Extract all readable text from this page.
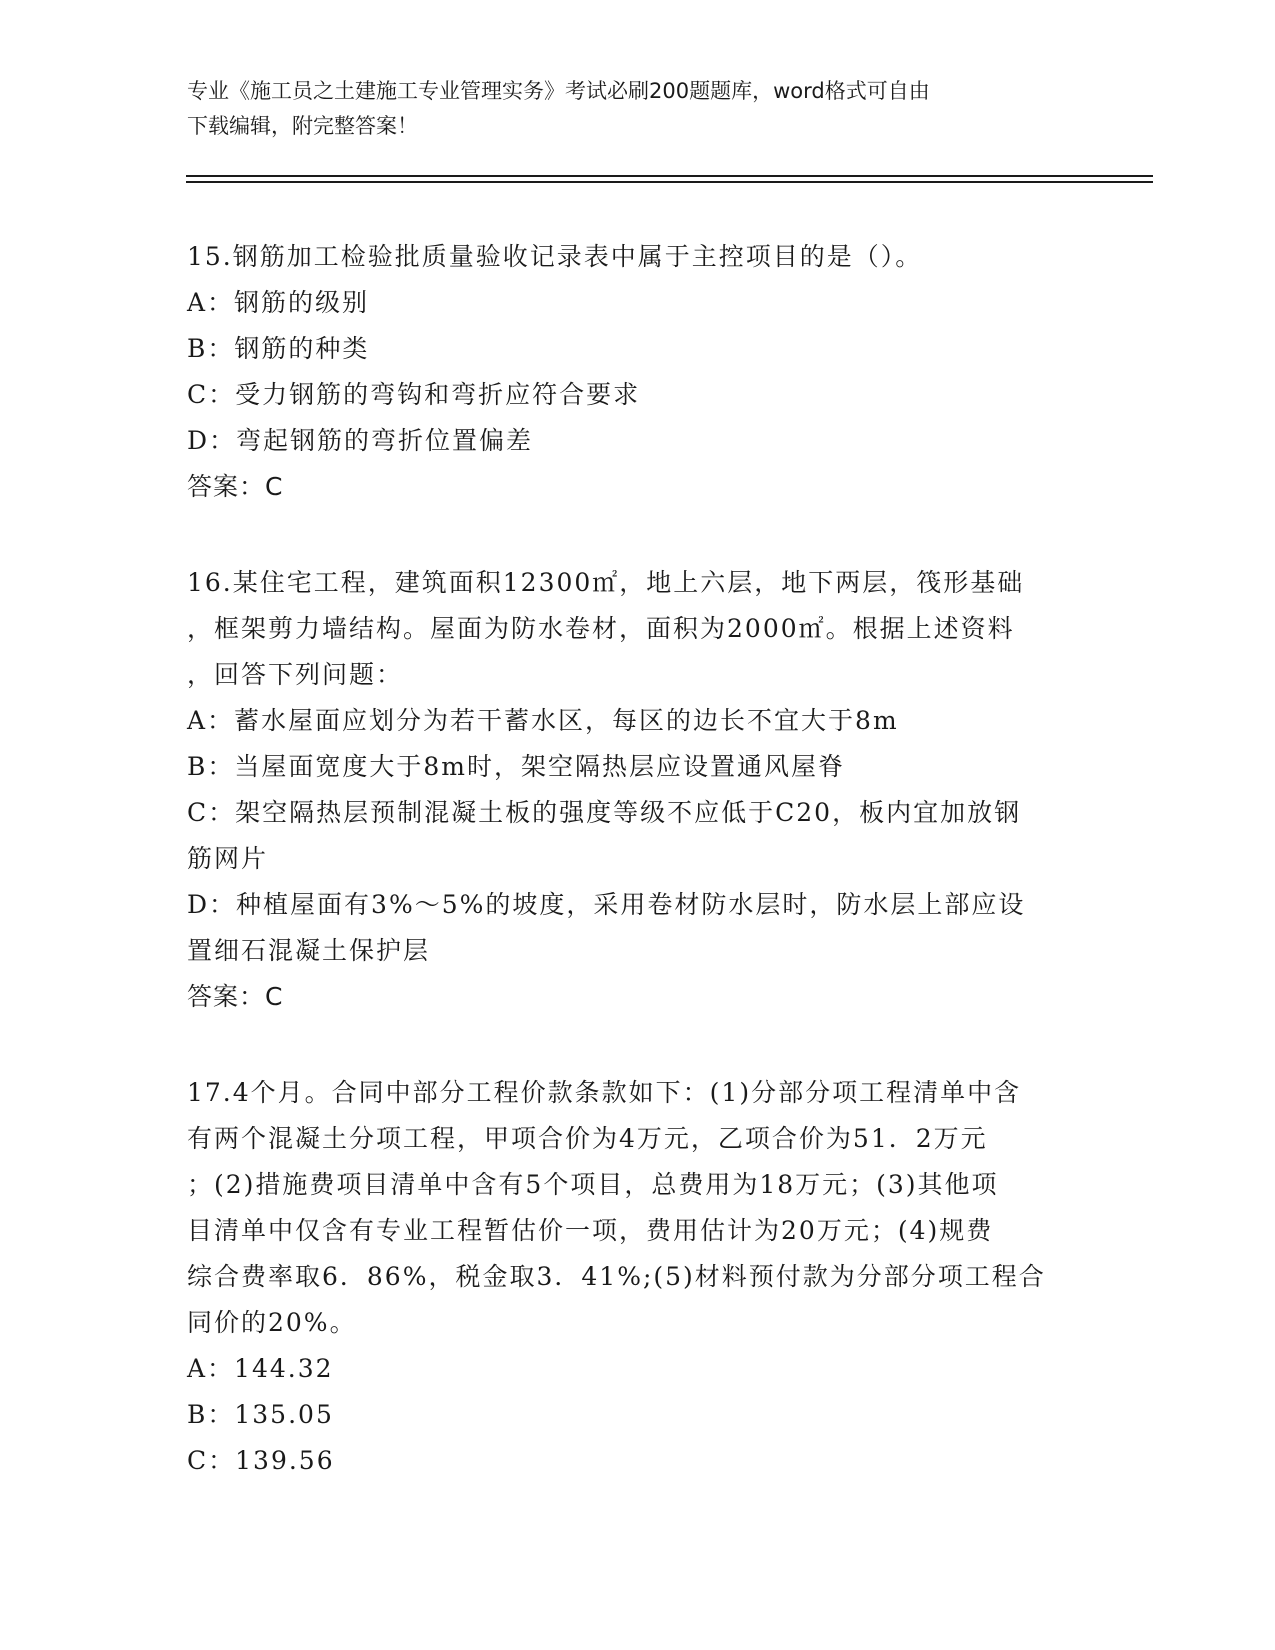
专业《施工员之土建施工专业管理实务》考试必刷200题题库，word格式可自由
下载编辑，附完整答案！
15.钢筋加工检验批质量验收记录表中属于主控项目的是（）。
A：钢筋的级别
B：钢筋的种类
C：受力钢筋的弯钩和弯折应符合要求
D：弯起钢筋的弯折位置偏差
答案：C
16.某住宅工程，建筑面积12300㎡，地上六层，地下两层，筏形基础
，框架剪力墙结构。屋面为防水卷材，面积为2000㎡。根据上述资料
，回答下列问题：
A：蓄水屋面应划分为若干蓄水区，每区的边长不宜大于8m
B：当屋面宽度大于8m时，架空隔热层应设置通风屋脊
C：架空隔热层预制混凝土板的强度等级不应低于C20，板内宜加放钢
筋网片
D：种植屋面有3%～5%的坡度，采用卷材防水层时，防水层上部应设
置细石混凝土保护层
答案：C
17.4个月。合同中部分工程价款条款如下：(1)分部分项工程清单中含
有两个混凝土分项工程，甲项合价为4万元，乙项合价为51．2万元
；(2)措施费项目清单中含有5个项目，总费用为18万元；(3)其他项
目清单中仅含有专业工程暂估价一项，费用估计为20万元；(4)规费
综合费率取6．86%，税金取3．41%;(5)材料预付款为分部分项工程合
同价的20%。
A：144.32
B：135.05
C：139.56
